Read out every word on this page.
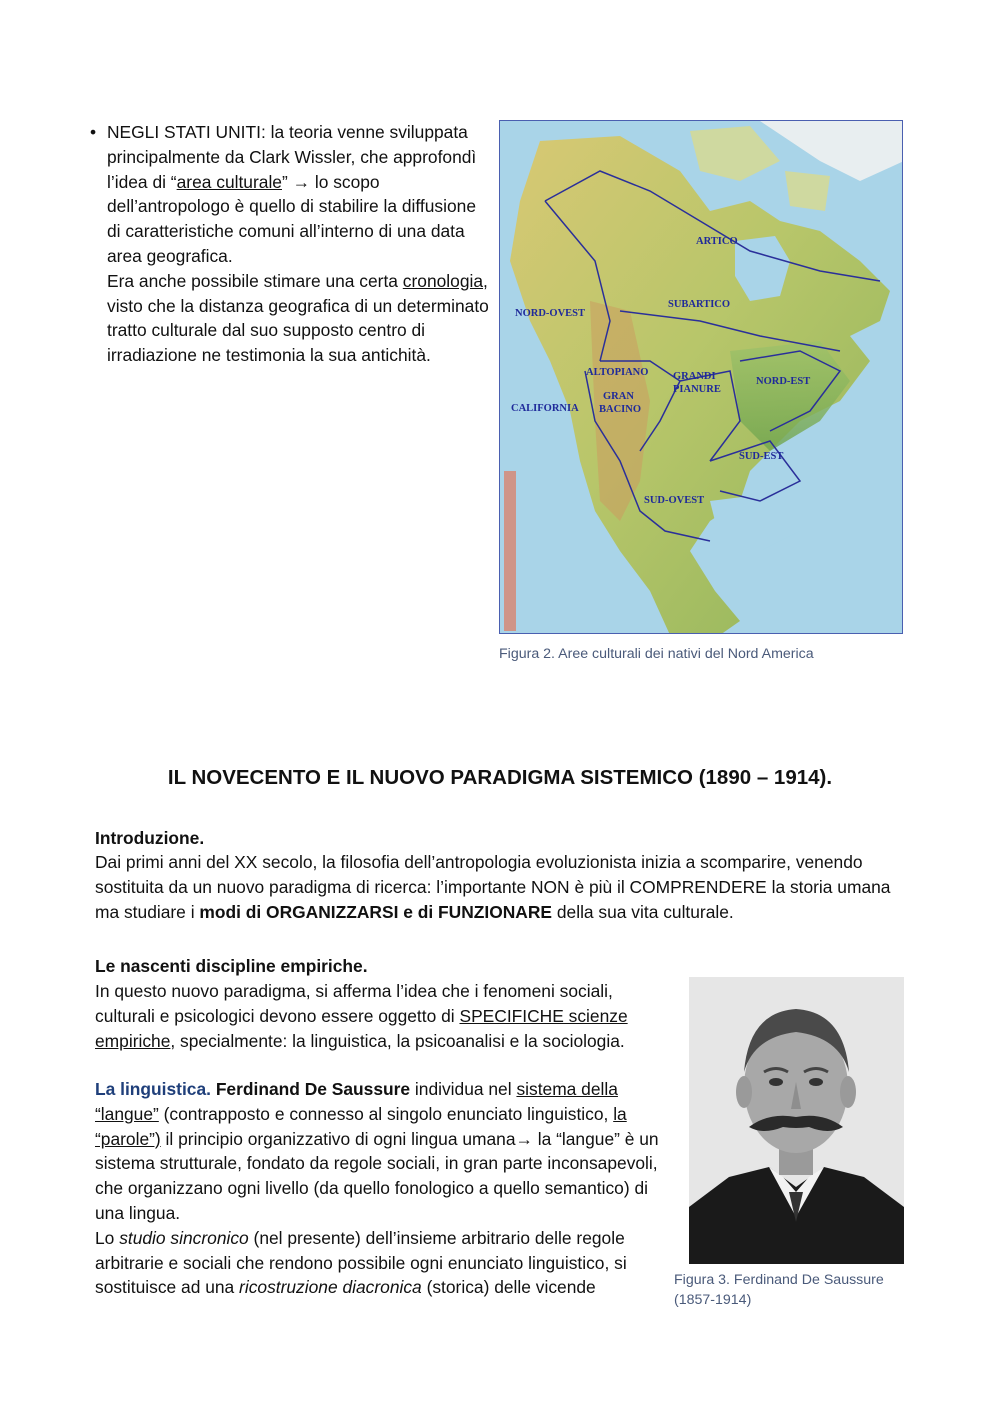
• NEGLI STATI UNITI: la teoria venne sviluppata principalmente da Clark Wissler, che approfondì l’idea di “area culturale” → lo scopo dell’antropologo è quello di stabilire la diffusione di caratteristiche comuni all’interno di una data area geografica.
Era anche possibile stimare una certa cronologia, visto che la distanza geografica di un determinato tratto culturale dal suo supposto centro di irradiazione ne testimonia la sua antichità.
ARTICO
SUBARTICO
NORD-OVEST
ALTOPIANO
GRAN
BACINO
CALIFORNIA
GRANDI
PIANURE
NORD-EST
SUD-EST
SUD-OVEST
Figura 2. Aree culturali dei nativi del Nord America
IL NOVECENTO E IL NUOVO PARADIGMA SISTEMICO (1890 – 1914).
Introduzione.
Dai primi anni del XX secolo, la filosofia dell’antropologia evoluzionista inizia a scomparire, venendo sostituita da un nuovo paradigma di ricerca: l’importante NON è più il COMPRENDERE la storia umana ma studiare i modi di ORGANIZZARSI e di FUNZIONARE della sua vita culturale.
Le nascenti discipline empiriche.
In questo nuovo paradigma, si afferma l’idea che i fenomeni sociali, culturali e psicologici devono essere oggetto di SPECIFICHE scienze empiriche, specialmente: la linguistica, la psicoanalisi e la sociologia.
La linguistica. Ferdinand De Saussure individua nel sistema della “langue” (contrapposto e connesso al singolo enunciato linguistico, la “parole”) il principio organizzativo di ogni lingua umana→ la “langue” è un sistema strutturale, fondato da regole sociali, in gran parte inconsapevoli, che organizzano ogni livello (da quello fonologico a quello semantico) di una lingua.
Lo studio sincronico (nel presente) dell’insieme arbitrario delle regole arbitrarie e sociali che rendono possibile ogni enunciato linguistico, si sostituisce ad una ricostruzione diacronica (storica) delle vicende	Figura 3. Ferdinand De Saussure (1857-1914)
